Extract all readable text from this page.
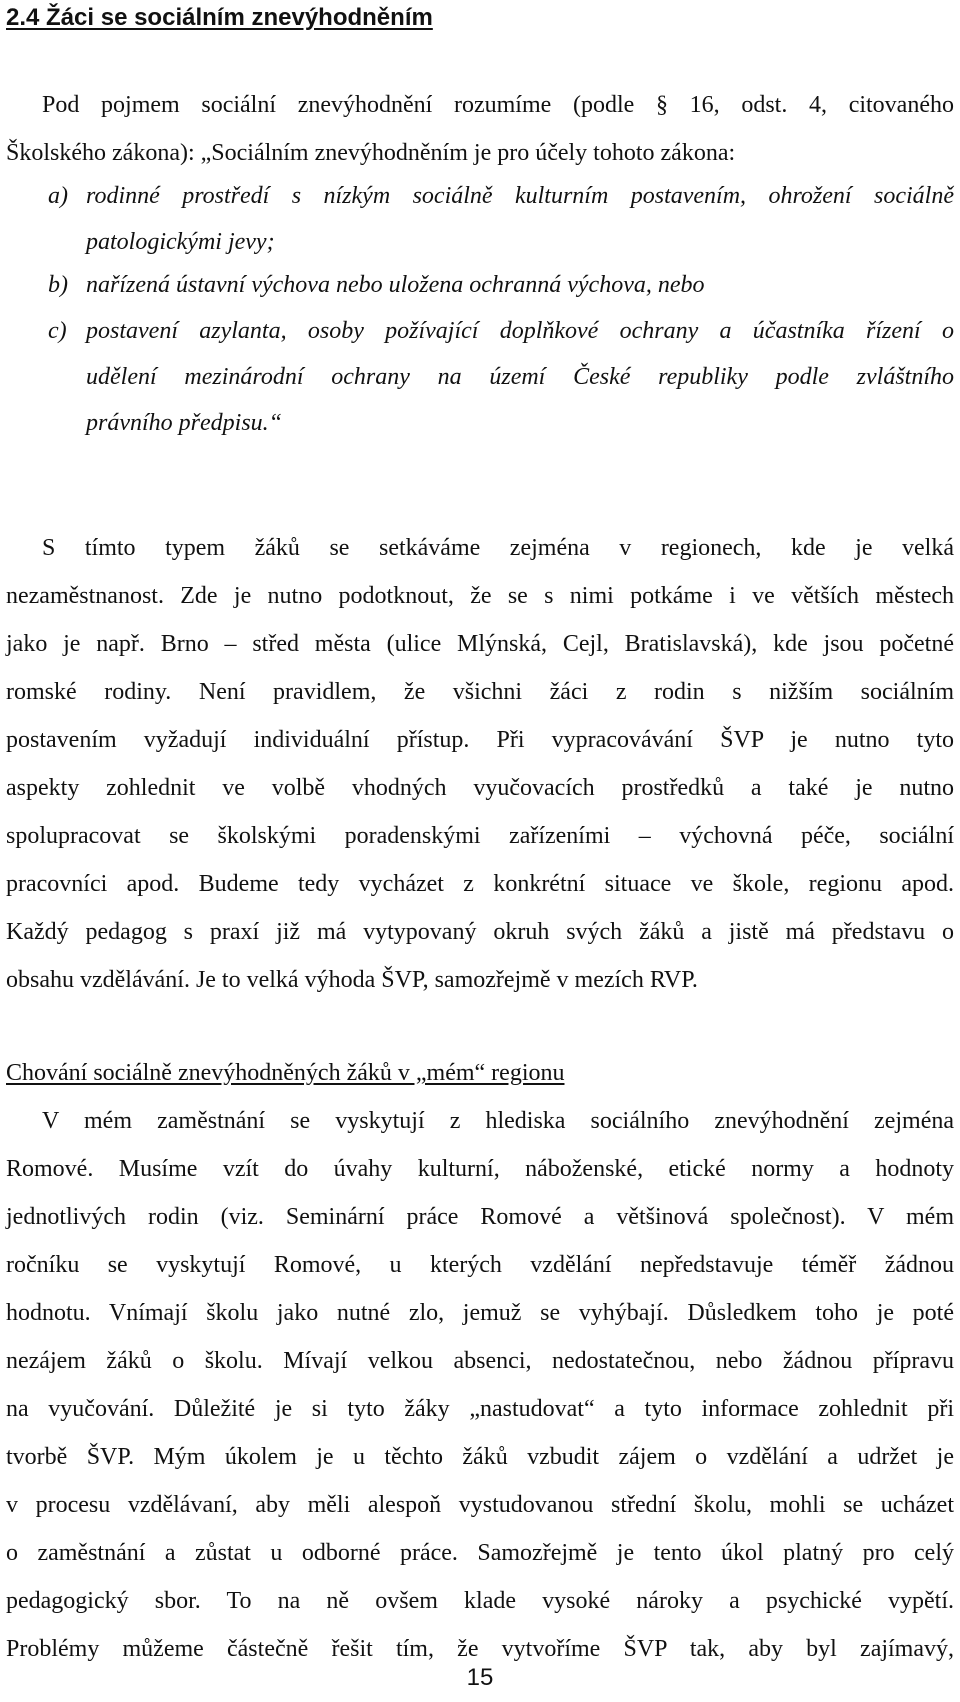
2.4 Žáci se sociálním znevýhodněním
Pod pojmem sociální znevýhodnění rozumíme (podle § 16, odst. 4, citovaného
Školského zákona): „Sociálním znevýhodněním je pro účely tohoto zákona:
a) rodinné prostředí s nízkým sociálně kulturním postavením, ohrožení sociálně
patologickými jevy;
b) nařízená ústavní výchova nebo uložena ochranná výchova, nebo
c) postavení azylanta, osoby požívající doplňkové ochrany a účastníka řízení o
udělení mezinárodní ochrany na území České republiky podle zvláštního
právního předpisu.“
S tímto typem žáků se setkáváme zejména v regionech, kde je velká
nezaměstnanost. Zde je nutno podotknout, že se s nimi potkáme i ve větších městech
jako je např. Brno – střed města (ulice Mlýnská, Cejl, Bratislavská), kde jsou početné
romské rodiny. Není pravidlem, že všichni žáci z rodin s nižším sociálním
postavením vyžadují individuální přístup. Při vypracovávání ŠVP je nutno tyto
aspekty zohlednit ve volbě vhodných vyučovacích prostředků a také je nutno
spolupracovat se školskými poradenskými zařízeními – výchovná péče, sociální
pracovníci apod. Budeme tedy vycházet z konkrétní situace ve škole, regionu apod.
Každý pedagog s praxí již má vytypovaný okruh svých žáků a jistě má představu o
obsahu vzdělávání. Je to velká výhoda ŠVP, samozřejmě v mezích RVP.
Chování sociálně znevýhodněných žáků v „mém“ regionu
V mém zaměstnání se vyskytují z hlediska sociálního znevýhodnění zejména
Romové. Musíme vzít do úvahy kulturní, náboženské, etické normy a hodnoty
jednotlivých rodin (viz. Seminární práce Romové a většinová společnost). V mém
ročníku se vyskytují Romové, u kterých vzdělání nepředstavuje téměř žádnou
hodnotu. Vnímají školu jako nutné zlo, jemuž se vyhýbají. Důsledkem toho je poté
nezájem žáků o školu. Mívají velkou absenci, nedostatečnou, nebo žádnou přípravu
na vyučování. Důležité je si tyto žáky „nastudovat“ a tyto informace zohlednit při
tvorbě ŠVP. Mým úkolem je u těchto žáků vzbudit zájem o vzdělání a udržet je
v procesu vzdělávaní, aby měli alespoň vystudovanou střední školu, mohli se ucházet
o zaměstnání a zůstat u odborné práce. Samozřejmě je tento úkol platný pro celý
pedagogický sbor. To na ně ovšem klade vysoké nároky a psychické vypětí.
Problémy můžeme částečně řešit tím, že vytvoříme ŠVP tak, aby byl zajímavý,
15
